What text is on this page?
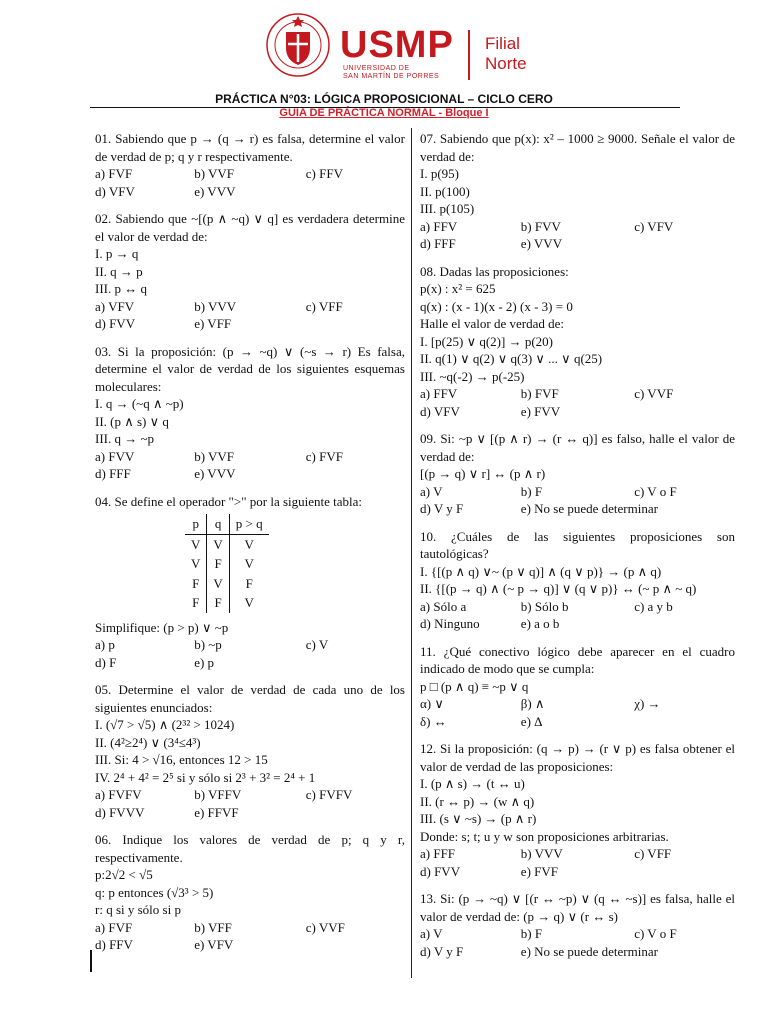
USMP
UNIVERSIDAD DE
SAN MARTÍN DE PORRES
Filial
Norte
PRÁCTICA N°03: LÓGICA PROPOSICIONAL – CICLO CERO
GUIA DE PRÁCTICA NORMAL - Bloque I
01. Sabiendo que p → (q → r) es falsa, determine el valor de verdad de p; q y r respectivamente.
a) FVF	b) VVF	c) FFV
d) VFV	e) VVV
02. Sabiendo que ~[(p ∧ ~q) ∨ q] es verdadera determine el valor de verdad de:
I. p → q
II. q → p
III. p ↔ q
a) VFV	b) VVV	c) VFF
d) FVV	e) VFF
03. Si la proposición: (p → ~q) ∨ (~s → r) Es falsa, determine el valor de verdad de los siguientes esquemas moleculares:
I. q → (~q ∧ ~p)
II. (p ∧ s) ∨ q
III. q → ~p
a) FVV	b) VVF	c) FVF
d) FFF	e) VVV
04. Se define el operador ">" por la siguiente tabla:
p	q	p > q
V	V	V
V	F	V
F	V	F
F	F	V
Simplifique: (p > p) ∨ ~p
a) p	b) ~p	c) V
d) F	e) p
05. Determine el valor de verdad de cada uno de los siguientes enunciados:
I. (√7 > √5) ∧ (2³² > 1024)
II. (4²≥2⁴) ∨ (3⁴≤4³)
III. Si: 4 > √16, entonces 12 > 15
IV. 2⁴ + 4² = 2⁵ si y sólo si 2³ + 3² = 2⁴ + 1
a) FVFV	b) VFFV	c) FVFV
d) FVVV	e) FFVF
06. Indique los valores de verdad de p; q y r, respectivamente.
p:2√2 < √5
q: p entonces (√3³ > 5)
r: q si y sólo si p
a) FVF	b) VFF	c) VVF
d) FFV	e) VFV
07. Sabiendo que p(x): x² – 1000 ≥ 9000. Señale el valor de verdad de:
I. p(95)
II. p(100)
III. p(105)
a) FFV	b) FVV	c) VFV
d) FFF	e) VVV
08. Dadas las proposiciones:
p(x) : x² = 625
q(x) : (x - 1)(x - 2) (x - 3) = 0
Halle el valor de verdad de:
I. [p(25) ∨ q(2)] → p(20)
II. q(1) ∨ q(2) ∨ q(3) ∨ ... ∨ q(25)
III. ~q(-2) → p(-25)
a) FFV	b) FVF	c) VVF
d) VFV	e) FVV
09. Si: ~p ∨ [(p ∧ r) → (r ↔ q)] es falso, halle el valor de verdad de:
[(p → q) ∨ r] ↔ (p ∧ r)
a) V	b) F	c) V o F
d) V y F	e) No se puede determinar
10. ¿Cuáles de las siguientes proposiciones son tautológicas?
I. {[(p ∧ q) ∨~ (p ∨ q)] ∧ (q ∨ p)} → (p ∧ q)
II. {[(p → q) ∧ (~ p → q)] ∨ (q ∨ p)} ↔ (~ p ∧ ~ q)
a) Sólo a	b) Sólo b	c) a y b
d) Ninguno	e) a o b
11. ¿Qué conectivo lógico debe aparecer en el cuadro indicado de modo que se cumpla:
p □ (p ∧ q) ≡ ~p ∨ q
α) ∨	β) ∧	χ) →
δ) ↔	e) Δ
12. Si la proposición: (q → p) → (r ∨ p) es falsa obtener el valor de verdad de las proposiciones:
I. (p ∧ s) → (t ↔ u)
II. (r ↔ p) → (w ∧ q)
III. (s ∨ ~s) → (p ∧ r)
Donde: s; t; u y w son proposiciones arbitrarias.
a) FFF	b) VVV	c) VFF
d) FVV	e) FVF
13. Si: (p → ~q) ∨ [(r ↔ ~p) ∨ (q ↔ ~s)] es falsa, halle el valor de verdad de: (p → q) ∨ (r ↔ s)
a) V	b) F	c) V o F
d) V y F	e) No se puede determinar
